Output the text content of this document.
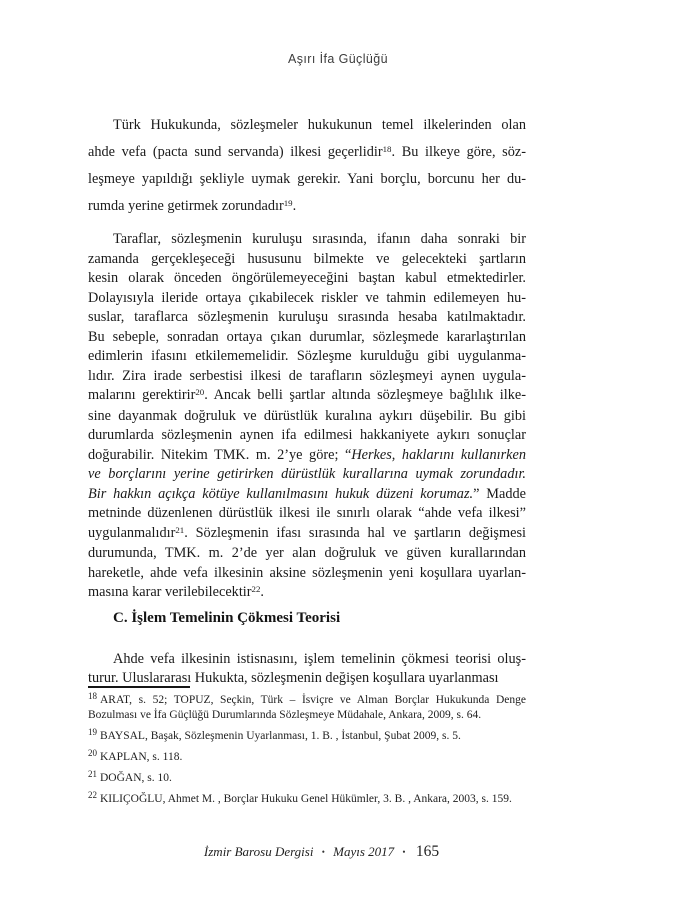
Aşırı İfa Güçlüğü
Türk Hukukunda, sözleşmeler hukukunun temel ilkelerinden olan
ahde vefa (pacta sund servanda) ilkesi geçerlidir$^{18}$. Bu ilkeye göre, söz-
leşmeye yapıldığı şekliyle uymak gerekir. Yani borçlu, borcunu her du-
rumda yerine getirmek zorundadır$^{19}$.
Taraflar, sözleşmenin kuruluşu sırasında, ifanın daha sonraki bir
zamanda gerçekleşeceği hususunu bilmekte ve gelecekteki şartların
kesin olarak önceden öngörülemeyeceğini baştan kabul etmektedirler.
Dolayısıyla ileride ortaya çıkabilecek riskler ve tahmin edilemeyen hu-
suslar, taraflarca sözleşmenin kuruluşu sırasında hesaba katılmaktadır.
Bu sebeple, sonradan ortaya çıkan durumlar, sözleşmede kararlaştırılan
edimlerin ifasını etkilememelidir. Sözleşme kurulduğu gibi uygulanma-
lıdır. Zira irade serbestisi ilkesi de tarafların sözleşmeyi aynen uygula-
malarını gerektirir$^{20}$. Ancak belli şartlar altında sözleşmeye bağlılık ilke-
sine dayanmak doğruluk ve dürüstlük kuralına aykırı düşebilir. Bu gibi
durumlarda sözleşmenin aynen ifa edilmesi hakkaniyete aykırı sonuçlar
doğurabilir. Nitekim TMK. m. 2’ye göre; “Herkes, haklarını kullanırken
ve borçlarını yerine getirirken dürüstlük kurallarına uymak zorundadır.
Bir hakkın açıkça kötüye kullanılmasını hukuk düzeni korumaz.” Madde
metninde düzenlenen dürüstlük ilkesi ile sınırlı olarak “ahde vefa ilkesi”
uygulanmalıdır$^{21}$. Sözleşmenin ifası sırasında hal ve şartların değişmesi
durumunda, TMK. m. 2’de yer alan doğruluk ve güven kurallarından
hareketle, ahde vefa ilkesinin aksine sözleşmenin yeni koşullara uyarlan-
masına karar verilebilecektir$^{22}$.
C. İşlem Temelinin Çökmesi Teorisi
Ahde vefa ilkesinin istisnasını, işlem temelinin çökmesi teorisi oluş-
turur. Uluslararası Hukukta, sözleşmenin değişen koşullara uyarlanması
$^{18}$ ARAT, s. 52; TOPUZ, Seçkin, Türk – İsviçre ve Alman Borçlar Hukukunda Denge Bozulması ve İfa Güçlüğü Durumlarında Sözleşmeye Müdahale, Ankara, 2009, s. 64.
$^{19}$ BAYSAL, Başak, Sözleşmenin Uyarlanması, 1. B. , İstanbul, Şubat 2009, s. 5.
$^{20}$ KAPLAN, s. 118.
$^{21}$ DOĞAN, s. 10.
$^{22}$ KILIÇOĞLU, Ahmet M. , Borçlar Hukuku Genel Hükümler, 3. B. , Ankara, 2003, s. 159.
İzmir Barosu Dergisi • Mayıs 2017 • 165
